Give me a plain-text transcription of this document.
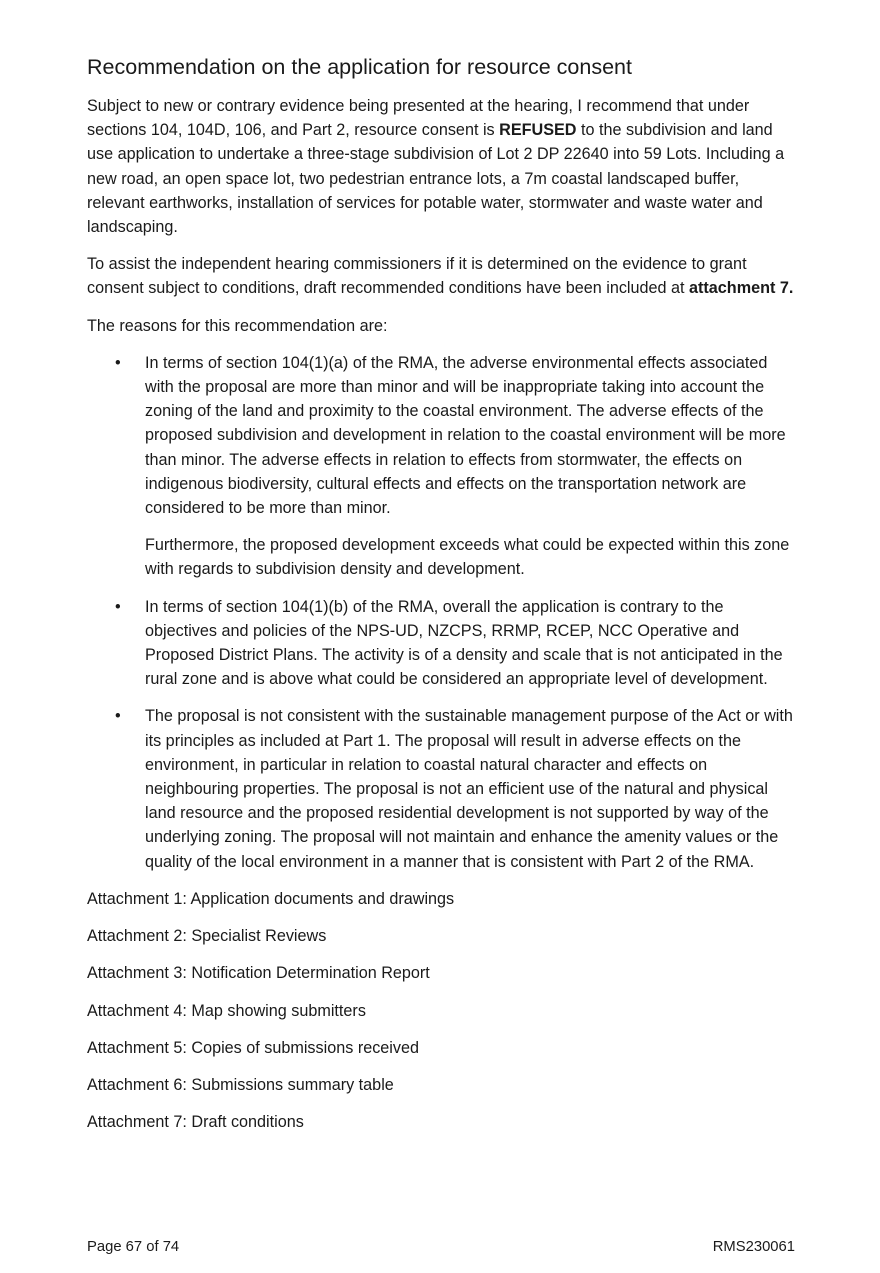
Recommendation on the application for resource consent

Subject to new or contrary evidence being presented at the hearing, I recommend that under sections 104, 104D, 106, and Part 2, resource consent is REFUSED to the subdivision and land use application to undertake a three-stage subdivision of Lot 2 DP 22640 into 59 Lots. Including a new road, an open space lot, two pedestrian entrance lots, a 7m coastal landscaped buffer, relevant earthworks, installation of services for potable water, stormwater and waste water and landscaping.

To assist the independent hearing commissioners if it is determined on the evidence to grant consent subject to conditions, draft recommended conditions have been included at attachment 7.

The reasons for this recommendation are:

• In terms of section 104(1)(a) of the RMA, the adverse environmental effects associated with the proposal are more than minor and will be inappropriate taking into account the zoning of the land and proximity to the coastal environment. The adverse effects of the proposed subdivision and development in relation to the coastal environment will be more than minor. The adverse effects in relation to effects from stormwater, the effects on indigenous biodiversity, cultural effects and effects on the transportation network are considered to be more than minor.

Furthermore, the proposed development exceeds what could be expected within this zone with regards to subdivision density and development.

• In terms of section 104(1)(b) of the RMA, overall the application is contrary to the objectives and policies of the NPS-UD, NZCPS, RRMP, RCEP, NCC Operative and Proposed District Plans. The activity is of a density and scale that is not anticipated in the rural zone and is above what could be considered an appropriate level of development.

• The proposal is not consistent with the sustainable management purpose of the Act or with its principles as included at Part 1. The proposal will result in adverse effects on the environment, in particular in relation to coastal natural character and effects on neighbouring properties. The proposal is not an efficient use of the natural and physical land resource and the proposed residential development is not supported by way of the underlying zoning. The proposal will not maintain and enhance the amenity values or the quality of the local environment in a manner that is consistent with Part 2 of the RMA.

Attachment 1: Application documents and drawings

Attachment 2: Specialist Reviews

Attachment 3: Notification Determination Report

Attachment 4: Map showing submitters

Attachment 5: Copies of submissions received

Attachment 6: Submissions summary table

Attachment 7: Draft conditions

Page 67 of 74	RMS230061
